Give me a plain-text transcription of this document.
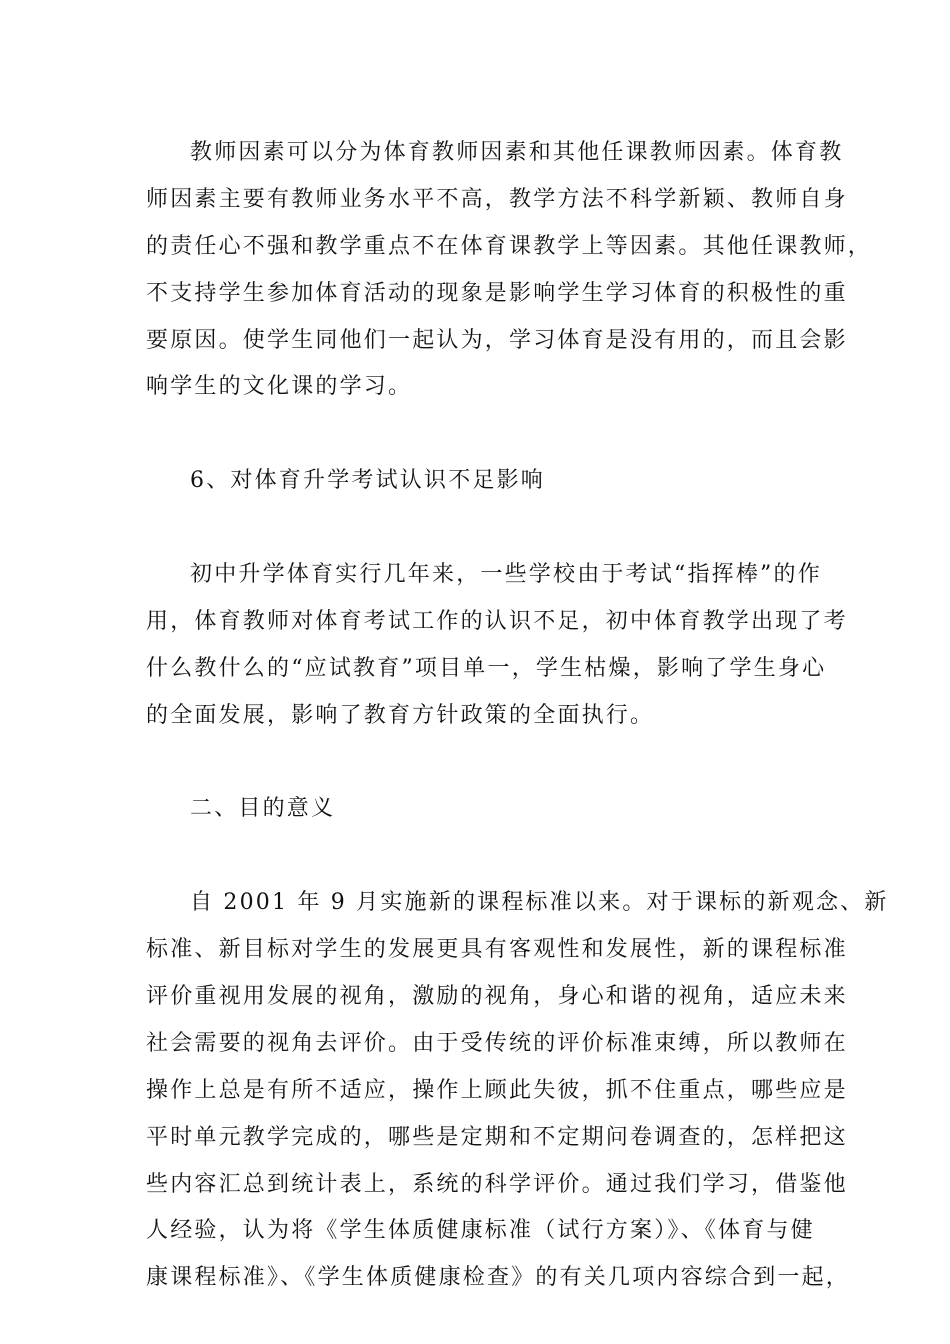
教师因素可以分为体育教师因素和其他任课教师因素。体育教
师因素主要有教师业务水平不高，教学方法不科学新颖、教师自身
的责任心不强和教学重点不在体育课教学上等因素。其他任课教师，
不支持学生参加体育活动的现象是影响学生学习体育的积极性的重
要原因。使学生同他们一起认为，学习体育是没有用的，而且会影
响学生的文化课的学习。
6、对体育升学考试认识不足影响
初中升学体育实行几年来，一些学校由于考试“指挥棒”的作
用，体育教师对体育考试工作的认识不足，初中体育教学出现了考
什么教什么的“应试教育”项目单一，学生枯燥，影响了学生身心
的全面发展，影响了教育方针政策的全面执行。
二、目的意义
自 2001 年 9 月实施新的课程标准以来。对于课标的新观念、新
标准、新目标对学生的发展更具有客观性和发展性，新的课程标准
评价重视用发展的视角，激励的视角，身心和谐的视角，适应未来
社会需要的视角去评价。由于受传统的评价标准束缚，所以教师在
操作上总是有所不适应，操作上顾此失彼，抓不住重点，哪些应是
平时单元教学完成的，哪些是定期和不定期问卷调查的，怎样把这
些内容汇总到统计表上，系统的科学评价。通过我们学习，借鉴他
人经验，认为将《学生体质健康标准（试行方案）》、《体育与健
康课程标准》、《学生体质健康检查》的有关几项内容综合到一起，
